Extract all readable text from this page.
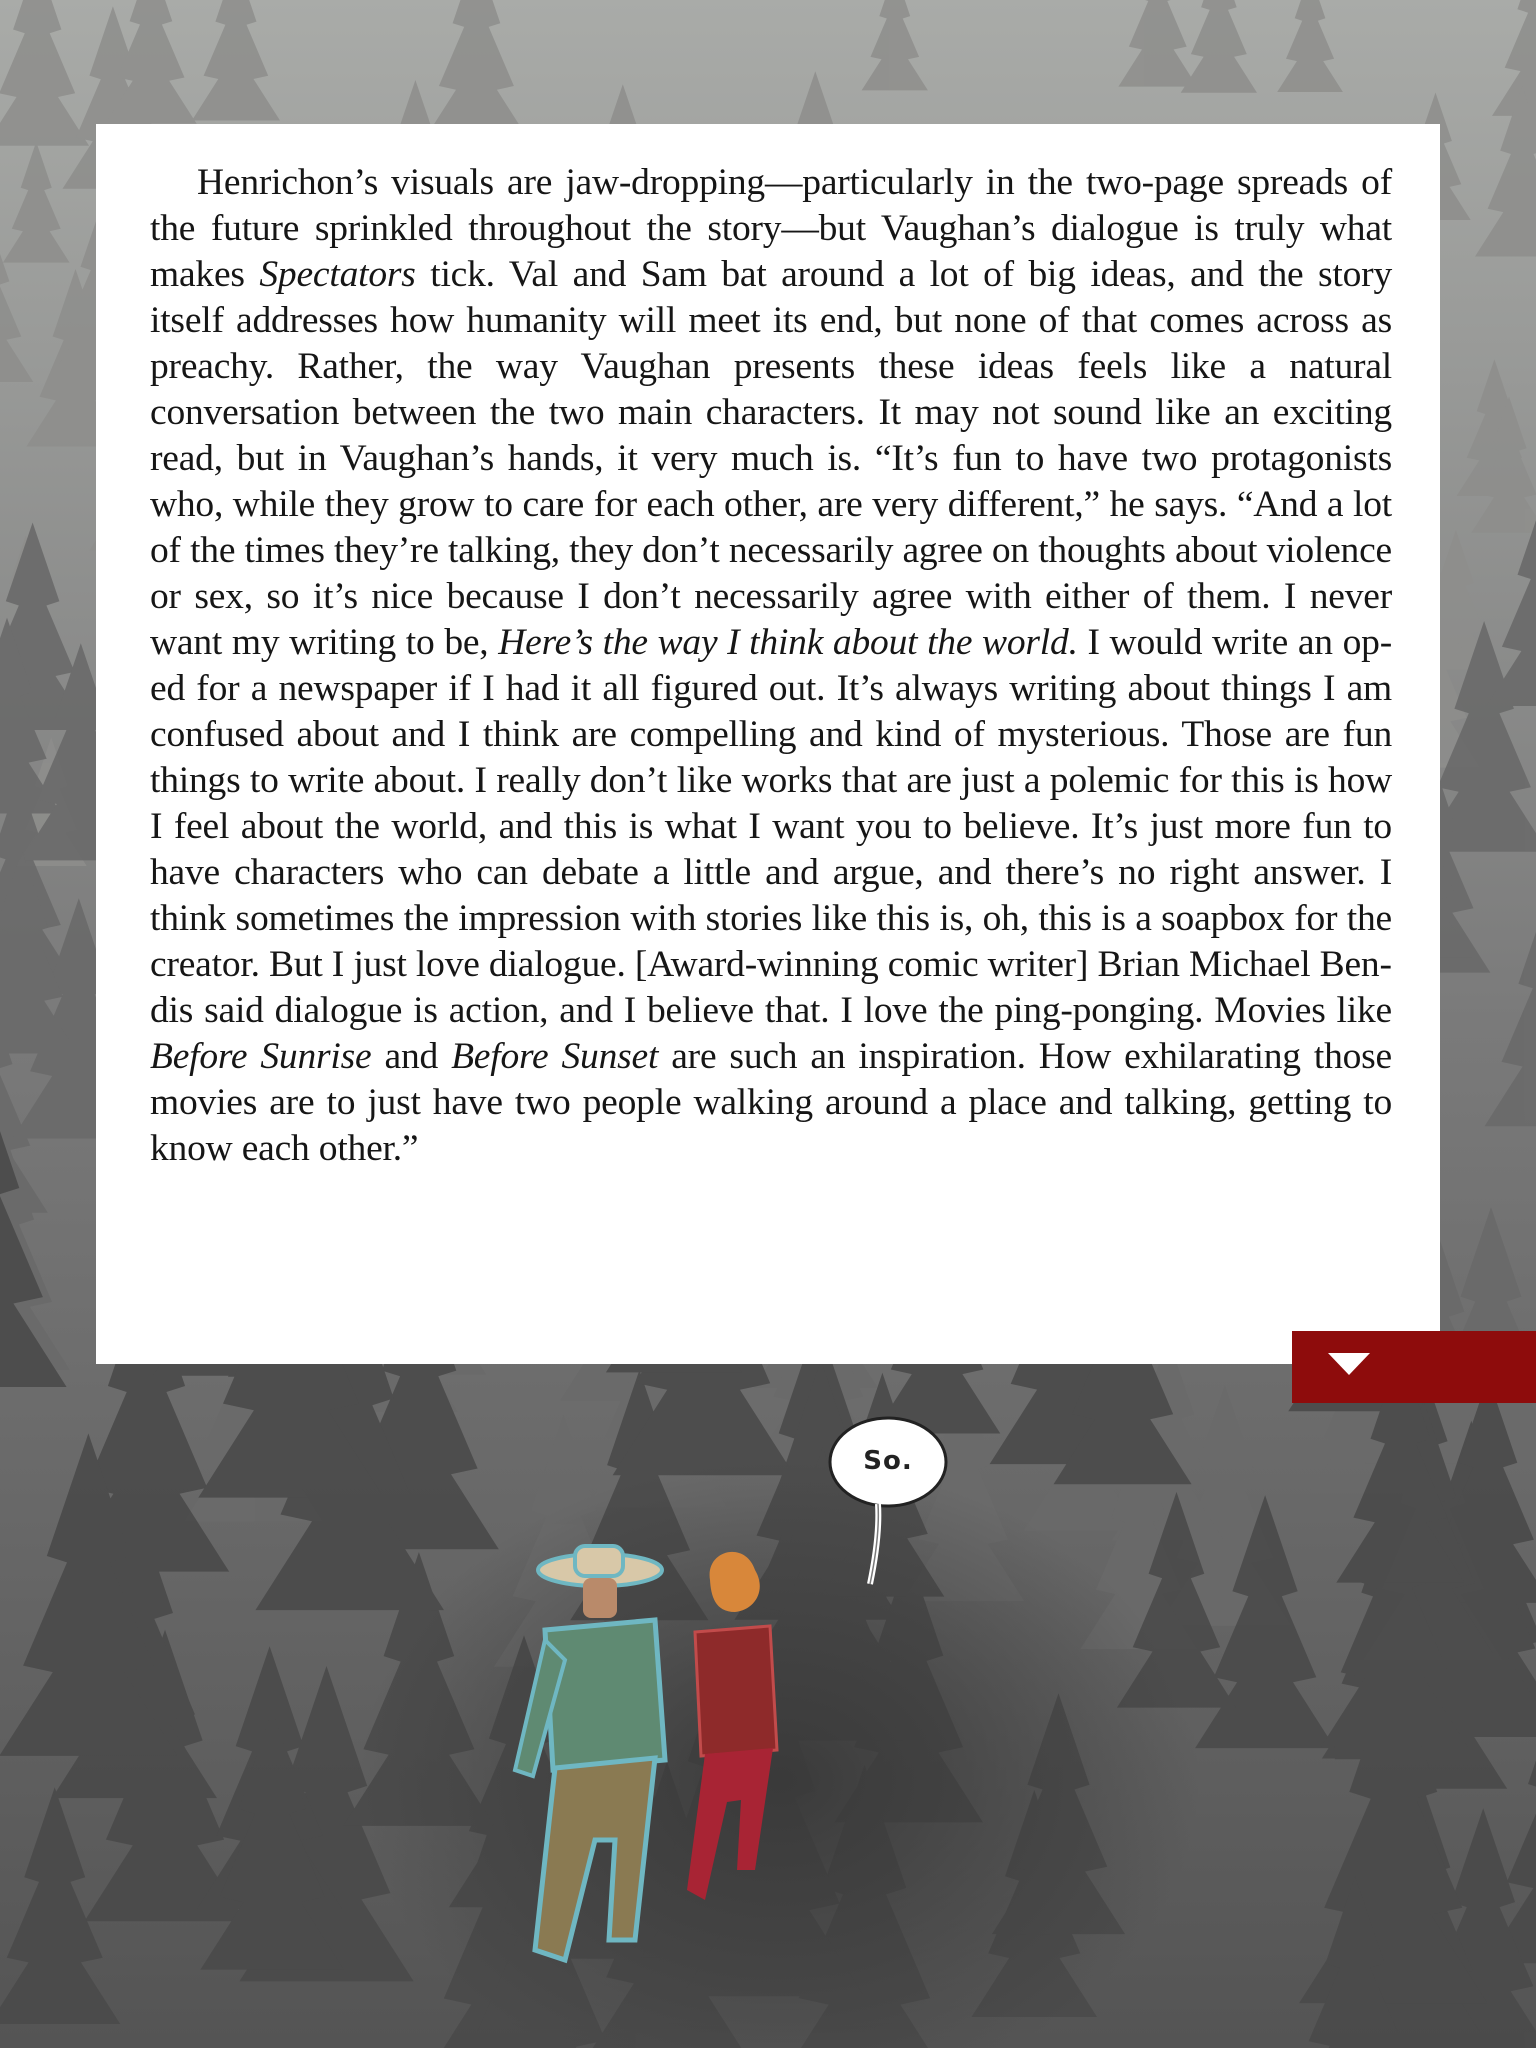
Henrichon’s visuals are jaw-dropping—particularly in the two-page spreads of the future sprinkled throughout the story—but Vaughan’s dialogue is truly what makes Spectators tick. Val and Sam bat around a lot of big ideas, and the story itself addresses how humanity will meet its end, but none of that comes across as preachy. Rather, the way Vaughan presents these ideas feels like a natural conversation between the two main characters. It may not sound like an exciting read, but in Vaughan’s hands, it very much is. “It’s fun to have two protagonists who, while they grow to care for each other, are very different,” he says. “And a lot of the times they’re talking, they don’t necessarily agree on thoughts about violence or sex, so it’s nice because I don’t necessarily agree with either of them. I never want my writing to be, Here’s the way I think about the world. I would write an op-ed for a newspaper if I had it all figured out. It’s always writing about things I am confused about and I think are compelling and kind of mysterious. Those are fun things to write about. I really don’t like works that are just a polemic for this is how I feel about the world, and this is what I want you to believe. It’s just more fun to have characters who can debate a little and argue, and there’s no right answer. I think sometimes the impression with stories like this is, oh, this is a soapbox for the creator. But I just love dialogue. [Award-winning comic writer] Brian Michael Bendis said dialogue is action, and I believe that. I love the ping-ponging. Movies like Before Sunrise and Before Sunset are such an inspiration. How exhilarating those movies are to just have two people walking around a place and talking, getting to know each other.”

So.
